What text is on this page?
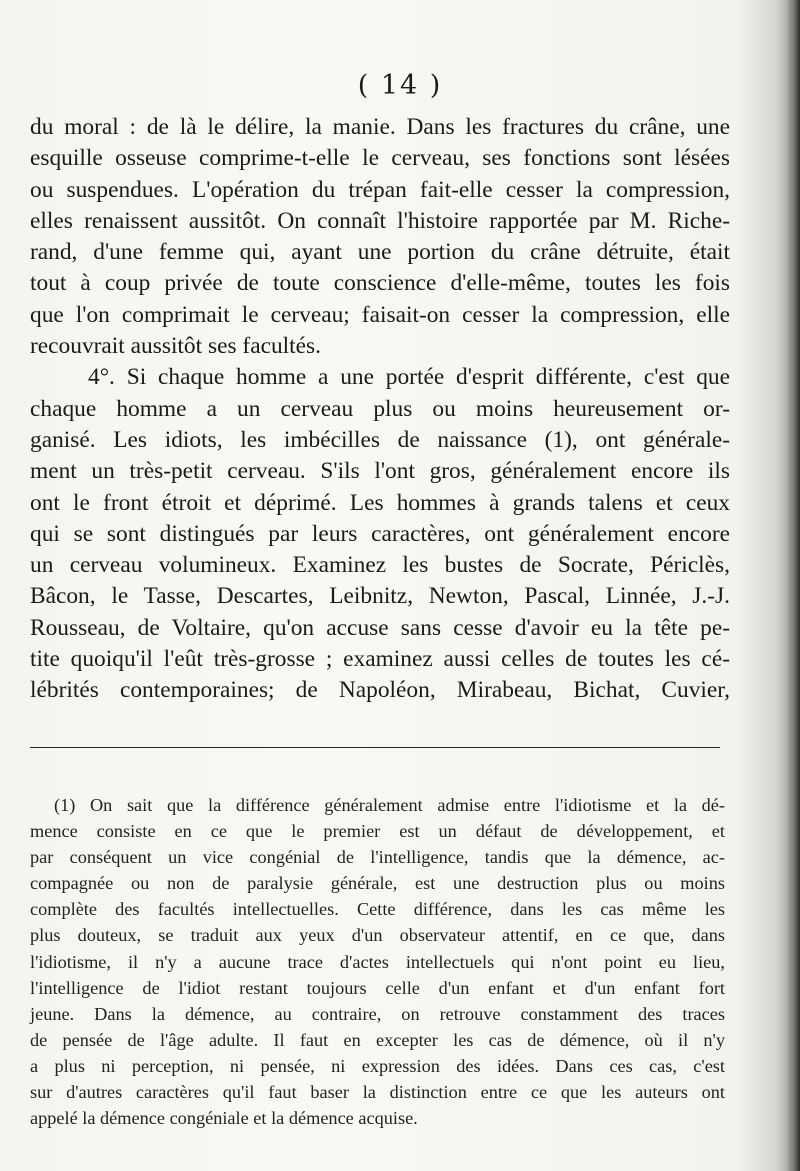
( 14 )
du moral : de là le délire, la manie. Dans les fractures du crâne, une
esquille osseuse comprime-t-elle le cerveau, ses fonctions sont lésées
ou suspendues. L'opération du trépan fait-elle cesser la compression,
elles renaissent aussitôt. On connaît l'histoire rapportée par M. Riche-
rand, d'une femme qui, ayant une portion du crâne détruite, était
tout à coup privée de toute conscience d'elle-même, toutes les fois
que l'on comprimait le cerveau; faisait-on cesser la compression, elle
recouvrait aussitôt ses facultés.
4°. Si chaque homme a une portée d'esprit différente, c'est que
chaque homme a un cerveau plus ou moins heureusement or-
ganisé. Les idiots, les imbécilles de naissance (1), ont générale-
ment un très-petit cerveau. S'ils l'ont gros, généralement encore ils
ont le front étroit et déprimé. Les hommes à grands talens et ceux
qui se sont distingués par leurs caractères, ont généralement encore
un cerveau volumineux. Examinez les bustes de Socrate, Périclès,
Bâcon, le Tasse, Descartes, Leibnitz, Newton, Pascal, Linnée, J.-J.
Rousseau, de Voltaire, qu'on accuse sans cesse d'avoir eu la tête pe-
tite quoiqu'il l'eût très-grosse ; examinez aussi celles de toutes les cé-
lébrités contemporaines; de Napoléon, Mirabeau, Bichat, Cuvier,
(1) On sait que la différence généralement admise entre l'idiotisme et la dé-
mence consiste en ce que le premier est un défaut de développement, et
par conséquent un vice congénial de l'intelligence, tandis que la démence, ac-
compagnée ou non de paralysie générale, est une destruction plus ou moins
complète des facultés intellectuelles. Cette différence, dans les cas même les
plus douteux, se traduit aux yeux d'un observateur attentif, en ce que, dans
l'idiotisme, il n'y a aucune trace d'actes intellectuels qui n'ont point eu lieu,
l'intelligence de l'idiot restant toujours celle d'un enfant et d'un enfant fort
jeune. Dans la démence, au contraire, on retrouve constamment des traces
de pensée de l'âge adulte. Il faut en excepter les cas de démence, où il n'y
a plus ni perception, ni pensée, ni expression des idées. Dans ces cas, c'est
sur d'autres caractères qu'il faut baser la distinction entre ce que les auteurs ont
appelé la démence congéniale et la démence acquise.
